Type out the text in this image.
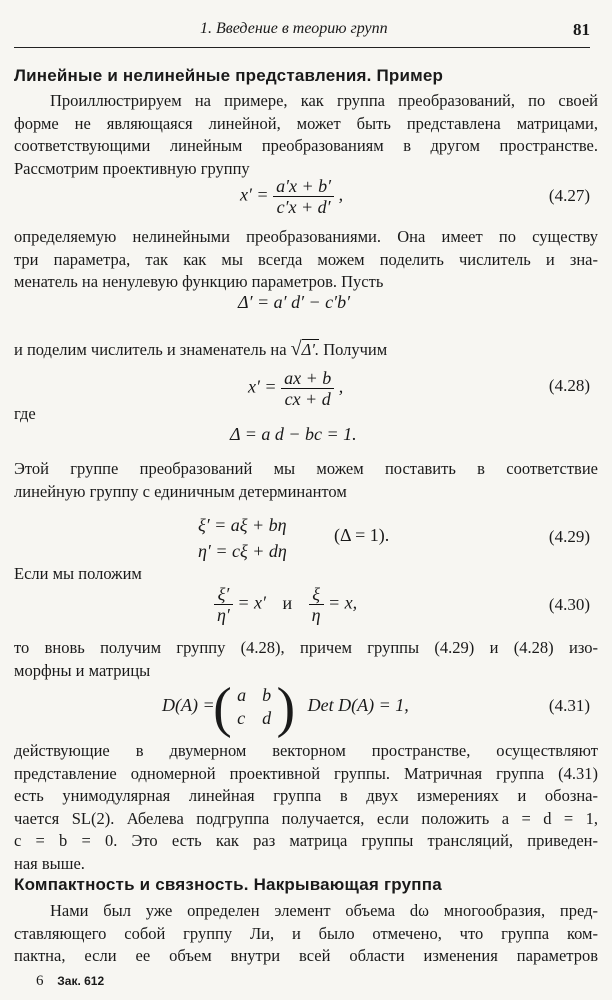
1. Введение в теорию групп	81
Линейные и нелинейные представления. Пример
Проиллюстрируем на примере, как группа преобразований, по своей
форме не являющаяся линейной, может быть представлена матрицами,
соответствующими линейным преобразованиям в другом пространстве.
Рассмотрим проективную группу
$x' = \frac{a'x + b'}{c'x + d'}$ ,	(4.27)
определяемую нелинейными преобразованиями. Она имеет по существу
три параметра, так как мы всегда можем поделить числитель и зна-
менатель на ненулевую функцию параметров. Пусть
Δ′ = a′ d′ − c′b′
и поделим числитель и знаменатель на √Δ′. Получим
$x' = \frac{ax + b}{cx + d}$ ,	(4.28)
где
Δ = a d − bc = 1.
Этой группе преобразований мы можем поставить в соответствие
линейную группу с единичным детерминантом
ξ′ = aξ + bη
η′ = cξ + dη
(Δ = 1).	(4.29)
Если мы положим
$\frac{\xi'}{\eta'} = x'$ и $\frac{\xi}{\eta} = x$,	(4.30)
то вновь получим группу (4.28), причем группы (4.29) и (4.28) изо-
морфны и матрицы
D(A) =
( a	b
c	d ) Det D(A) = 1,	(4.31)
действующие в двумерном векторном пространстве, осуществляют
представление одномерной проективной группы. Матричная группа (4.31)
есть унимодулярная линейная группа в двух измерениях и обозна-
чается SL(2). Абелева подгруппа получается, если положить a = d = 1,
c = b = 0. Это есть как раз матрица группы трансляций, приведен-
ная выше.
Компактность и связность. Накрывающая группа
Нами был уже определен элемент объема dω многообразия, пред-
ставляющего собой группу Ли, и было отмечено, что группа ком-
пактна, если ее объем внутри всей области изменения параметров
6 Зак. 612
